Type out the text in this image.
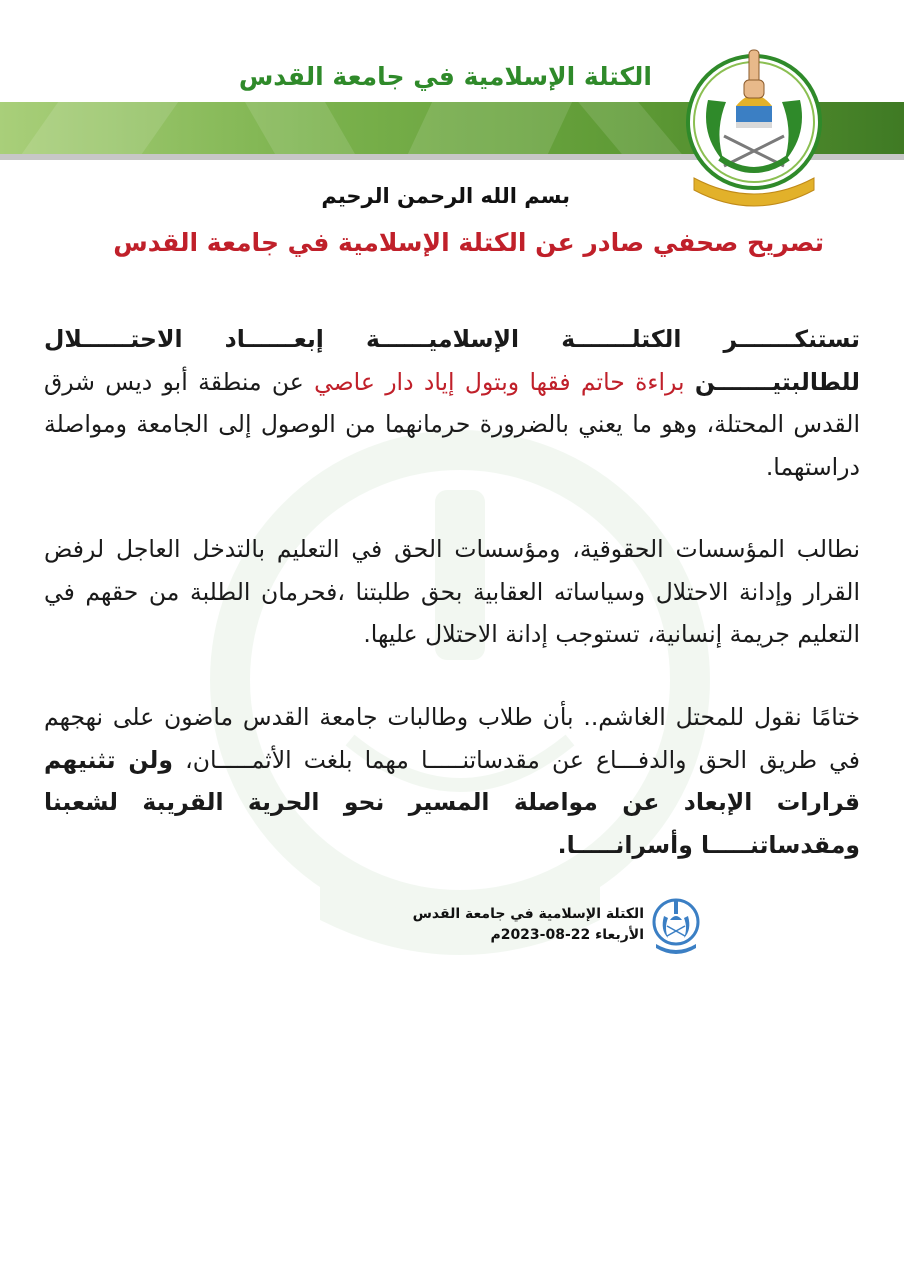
الكتلة الإسلامية في جامعة القدس
بسم الله الرحمن الرحيم
تصريح صحفي صادر عن الكتلة الإسلامية في جامعة القدس
تستنكـــــــر الكتلـــــــة الإسلاميــــــة إبعــــــاد الاحتــــــلال للطالبتيـــــــن براءة حاتم فقها وبتول إياد دار عاصي عن منطقة أبو ديس شرق القدس المحتلة، وهو ما يعني بالضرورة حرمانهما من الوصول إلى الجامعة ومواصلة دراستهما.
نطالب المؤسسات الحقوقية، ومؤسسات الحق في التعليم بالتدخل العاجل لرفض القرار وإدانة الاحتلال وسياساته العقابية بحق طلبتنا ،فحرمان الطلبة من حقهم في التعليم جريمة إنسانية، تستوجب إدانة الاحتلال عليها.
ختامًا نقول للمحتل الغاشم.. بأن طلاب وطالبات جامعة القدس ماضون على نهجهم في طريق الحق والدفـــاع عن مقدساتنـــــا مهما بلغت الأثمـــــان، ولن تثنيهم قرارات الإبعاد عن مواصلة المسير نحو الحرية القريبة لشعبنا ومقدساتنـــــا وأسرانـــــا.
الكتلة الإسلامية في جامعة القدس
الأربعاء 22-08-2023م
